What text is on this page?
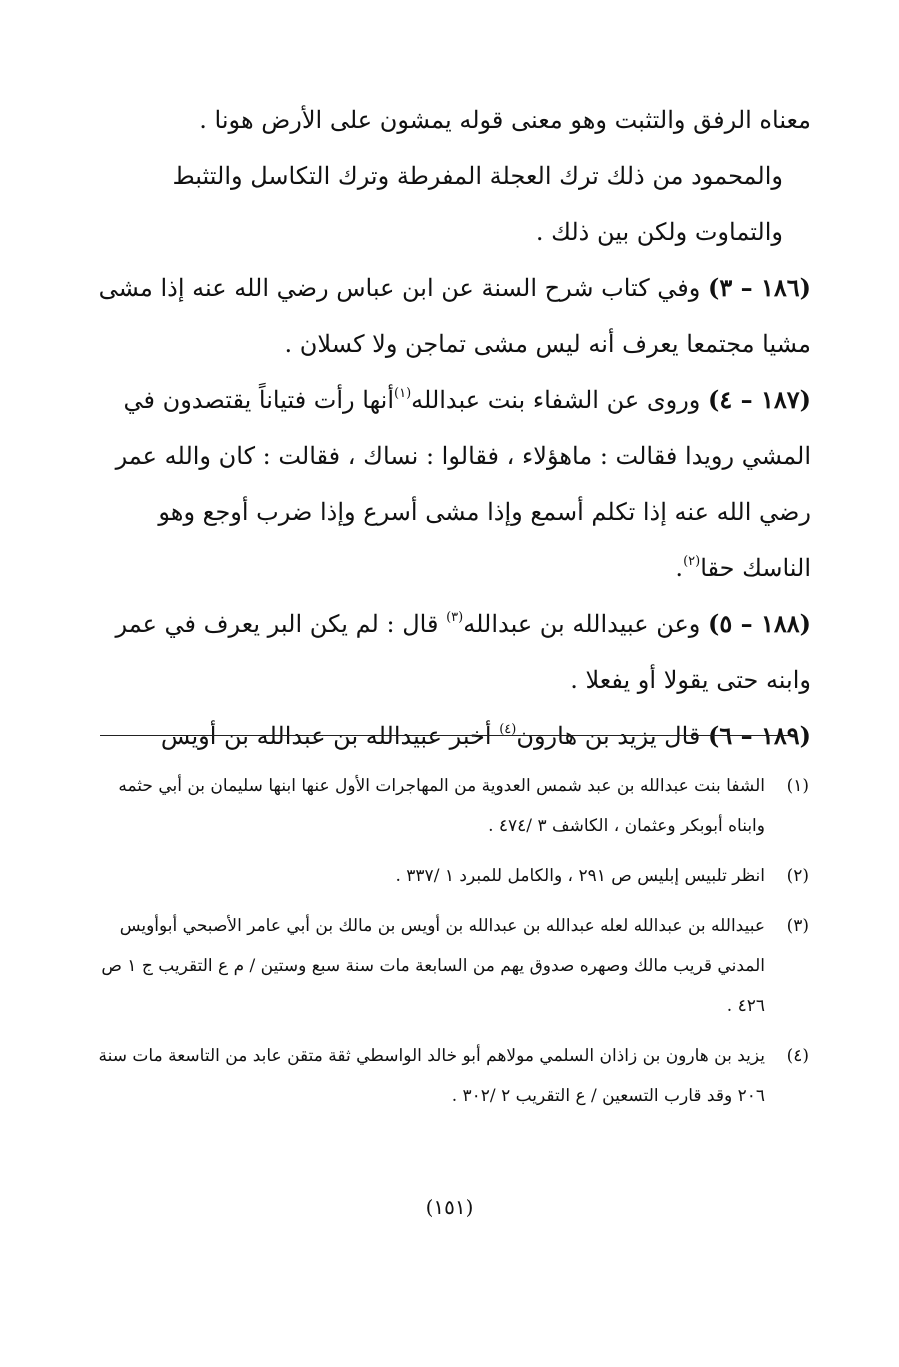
معناه الرفق والتثبت وهو معنى قوله يمشون على الأرض هونا .

والمحمود من ذلك ترك العجلة المفرطة وترك التكاسل والتثبط والتماوت ولكن بين ذلك .

(١٨٦ – ٣) وفي كتاب شرح السنة عن ابن عباس رضي الله عنه إذا مشى مشيا مجتمعا يعرف أنه ليس مشى تماجن ولا كسلان .

(١٨٧ – ٤) وروى عن الشفاء بنت عبدالله$^{(١)}$أنها رأت فتياناً يقتصدون في المشي رويدا فقالت : ماهؤلاء ، فقالوا : نساك ، فقالت : كان والله عمر رضي الله عنه إذا تكلم أسمع وإذا مشى أسرع وإذا ضرب أوجع وهو الناسك حقا$^{(٢)}$.

(١٨٨ – ٥) وعن عبيدالله بن عبدالله$^{(٣)}$ قال : لم يكن البر يعرف في عمر وابنه حتى يقولا أو يفعلا .

(١٨٩ – ٦) قال يزيد بن هارون$^{(٤)}$ أخبر عبيدالله بن عبدالله بن أويس

(١)
الشفا بنت عبدالله بن عبد شمس العدوية من المهاجرات الأول عنها ابنها سليمان بن أبي حثمه وابناه أبوبكر وعثمان ، الكاشف ٣ /٤٧٤ .
(٢)
انظر تلبيس إبليس ص ٢٩١ ، والكامل للمبرد ١ /٣٣٧ .
(٣)
عبيدالله بن عبدالله لعله عبدالله بن عبدالله بن أويس بن مالك بن أبي عامر الأصبحي أبوأويس المدني قريب مالك وصهره صدوق يهم من السابعة مات سنة سبع وستين / م ع التقريب ج ١ ص ٤٢٦ .
(٤)
يزيد بن هارون بن زاذان السلمي مولاهم أبو خالد الواسطي ثقة متقن عابد من التاسعة مات سنة ٢٠٦ وقد قارب التسعين / ع التقريب ٢ /٣٠٢ .
(١٥١)
